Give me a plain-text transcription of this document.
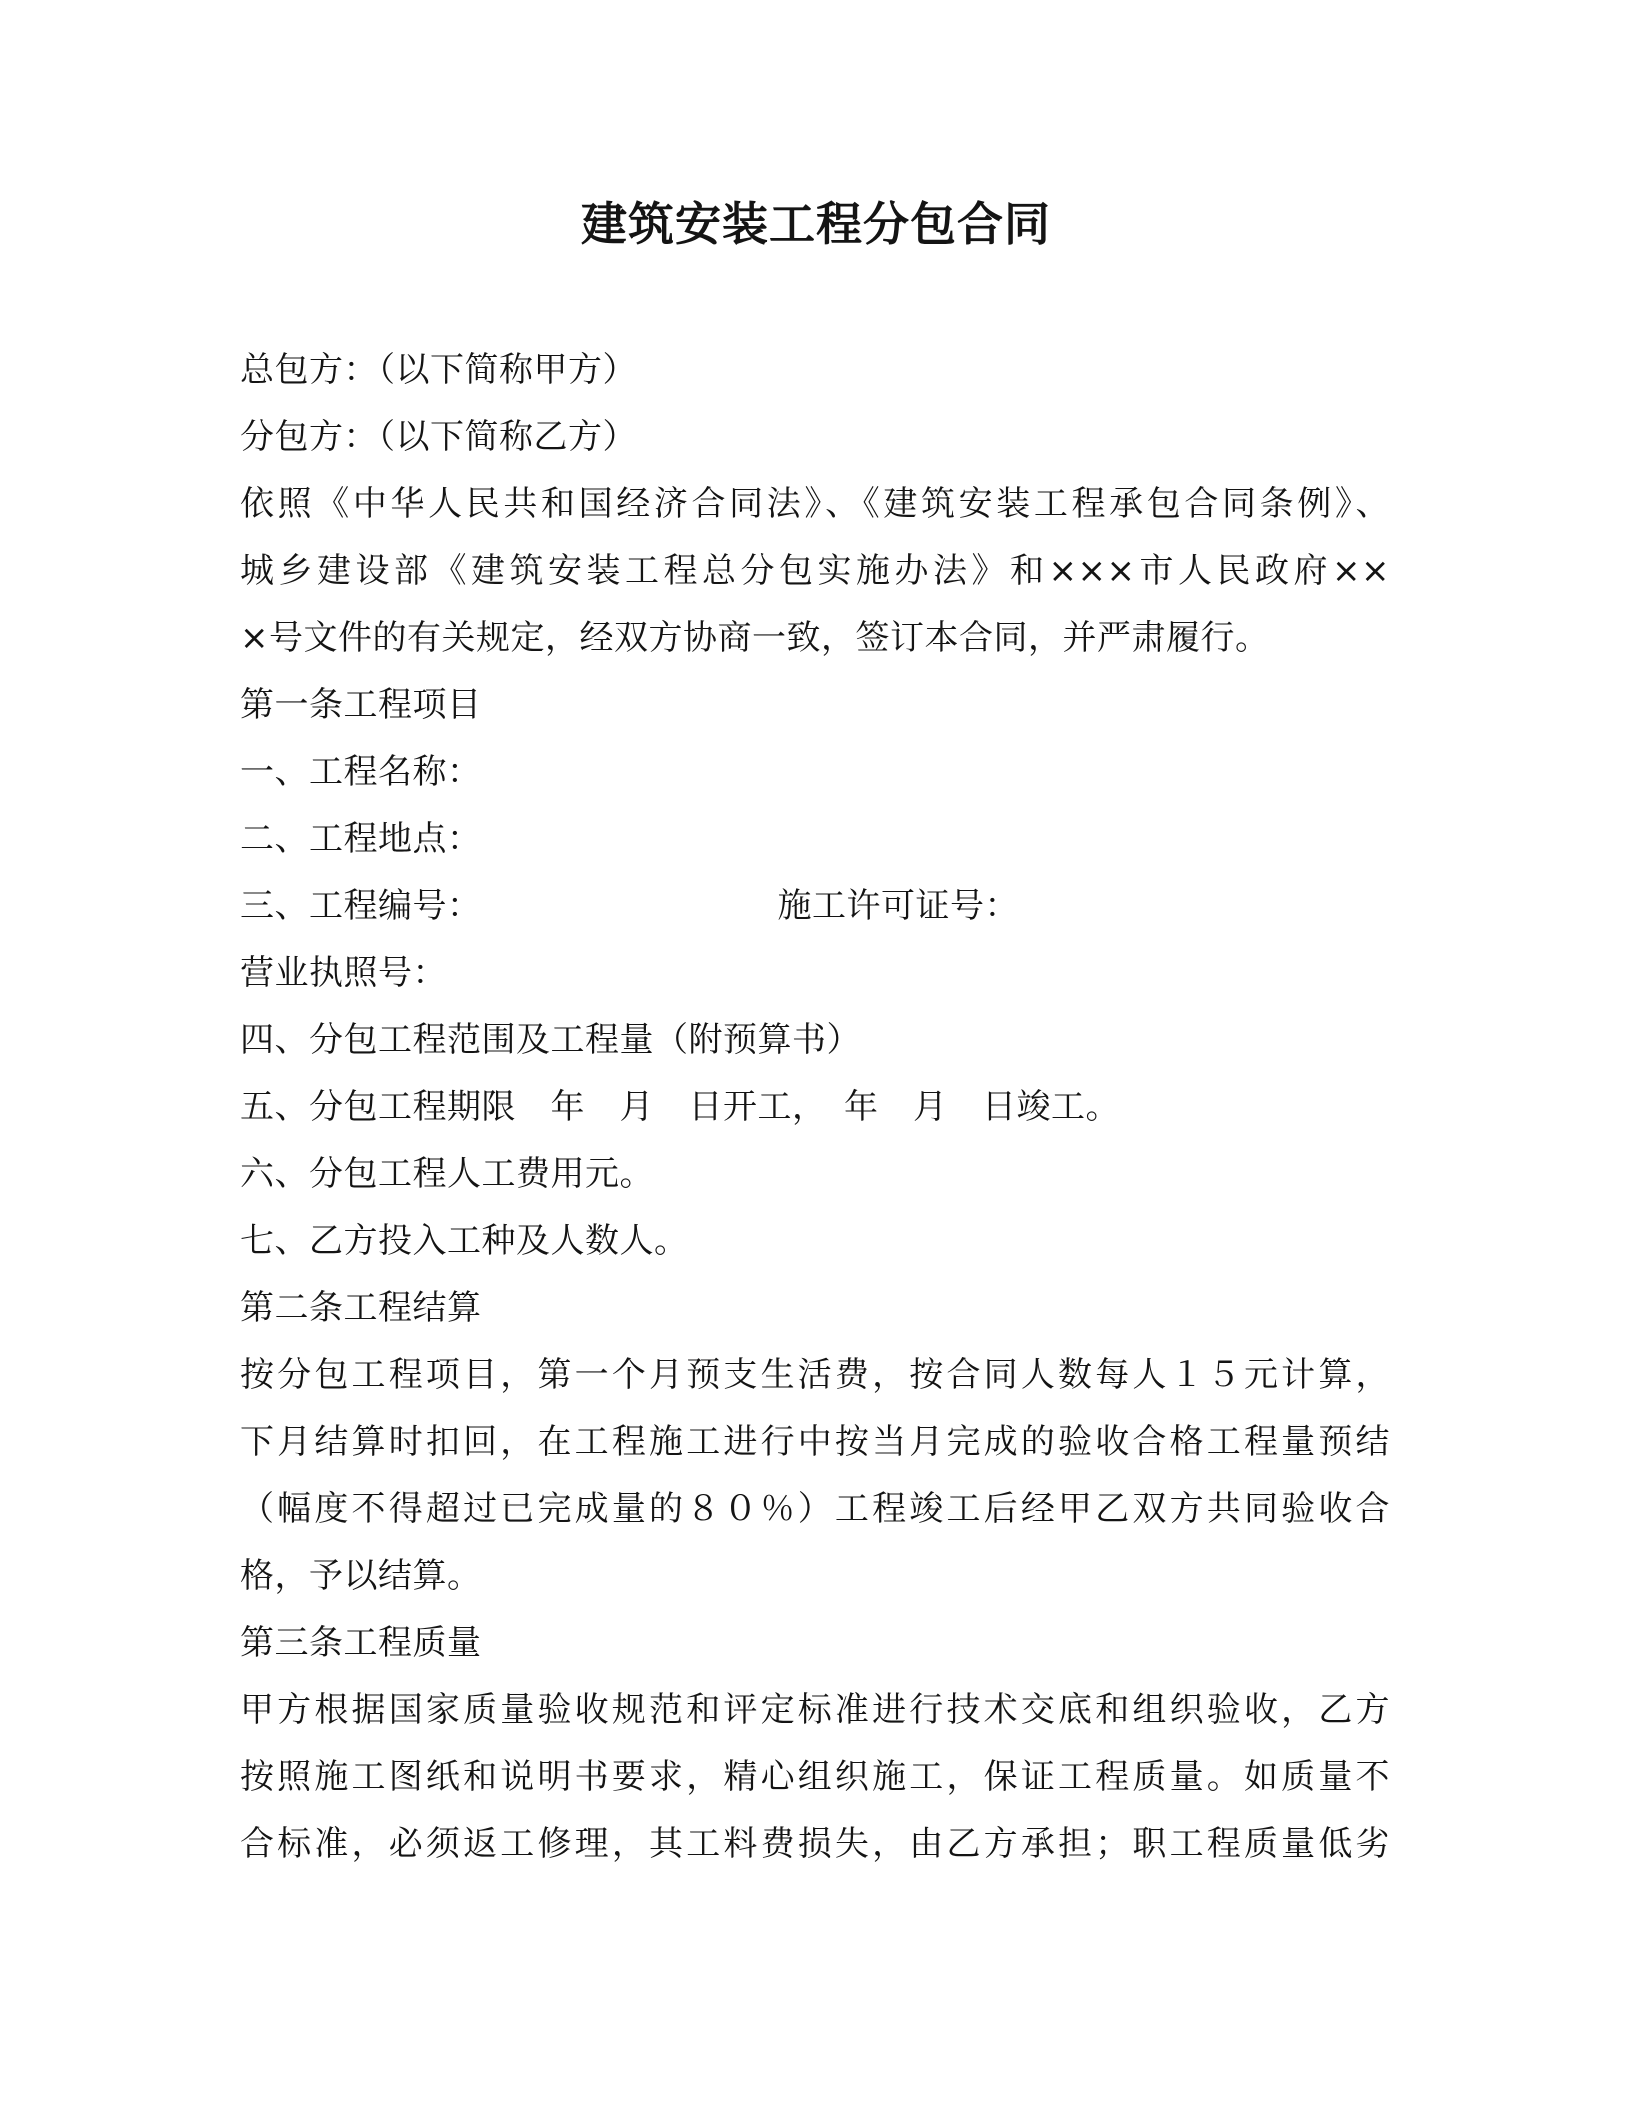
建筑安装工程分包合同
总包方：（以下简称甲方）
分包方：（以下简称乙方）
依照《中华人民共和国经济合同法》、《建筑安装工程承包合同条例》、
城乡建设部《建筑安装工程总分包实施办法》和×××市人民政府××
×号文件的有关规定，经双方协商一致，签订本合同，并严肃履行。
第一条工程项目
一、工程名称：
二、工程地点：
三、工程编号：	施工许可证号：
营业执照号：
四、分包工程范围及工程量（附预算书）
五、分包工程期限　年　月　日开工，　年　月　日竣工。
六、分包工程人工费用元。
七、乙方投入工种及人数人。
第二条工程结算
按分包工程项目，第一个月预支生活费，按合同人数每人１５元计算，
下月结算时扣回，在工程施工进行中按当月完成的验收合格工程量预结
（幅度不得超过已完成量的８０％）工程竣工后经甲乙双方共同验收合
格，予以结算。
第三条工程质量
甲方根据国家质量验收规范和评定标准进行技术交底和组织验收，乙方
按照施工图纸和说明书要求，精心组织施工，保证工程质量。如质量不
合标准，必须返工修理，其工料费损失，由乙方承担；职工程质量低劣
